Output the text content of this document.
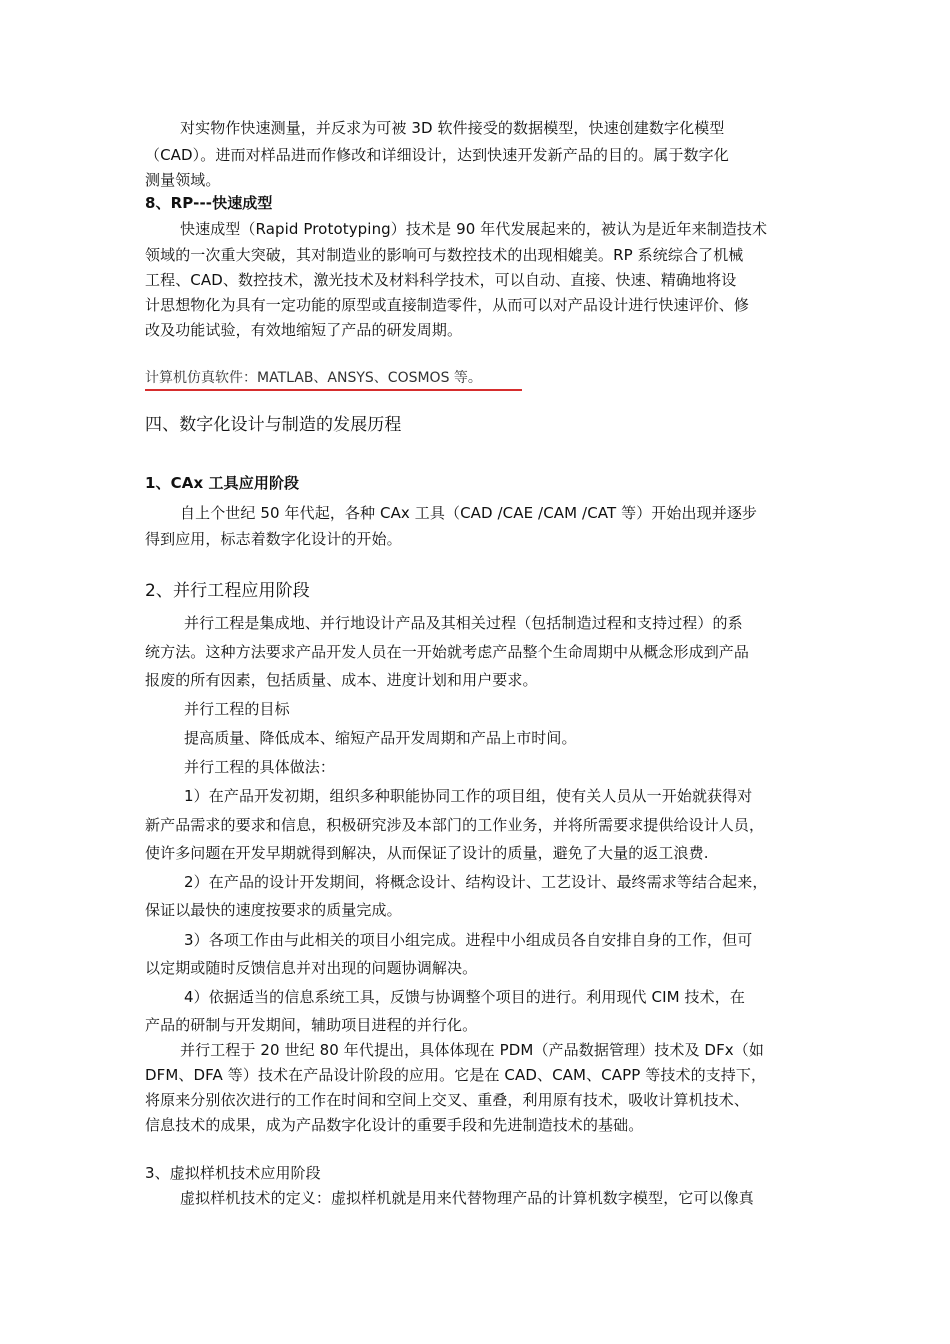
对实物作快速测量，并反求为可被 3D 软件接受的数据模型，快速创建数字化模型
（CAD）。进而对样品进而作修改和详细设计，达到快速开发新产品的目的。属于数字化
测量领域。
8、RP---快速成型
快速成型（Rapid Prototyping）技术是 90 年代发展起来的，被认为是近年来制造技术
领域的一次重大突破，其对制造业的影响可与数控技术的出现相媲美。RP 系统综合了机械
工程、CAD、数控技术，激光技术及材料科学技术，可以自动、直接、快速、精确地将设
计思想物化为具有一定功能的原型或直接制造零件，从而可以对产品设计进行快速评价、修
改及功能试验，有效地缩短了产品的研发周期。
计算机仿真软件：MATLAB、ANSYS、COSMOS 等。
四、数字化设计与制造的发展历程
1、CAx 工具应用阶段
自上个世纪 50 年代起，各种 CAx 工具（CAD /CAE /CAM /CAT 等）开始出现并逐步
得到应用，标志着数字化设计的开始。
2、并行工程应用阶段
并行工程是集成地、并行地设计产品及其相关过程（包括制造过程和支持过程）的系
统方法。这种方法要求产品开发人员在一开始就考虑产品整个生命周期中从概念形成到产品
报废的所有因素，包括质量、成本、进度计划和用户要求。
并行工程的目标
提高质量、降低成本、缩短产品开发周期和产品上市时间。
并行工程的具体做法：
1）在产品开发初期，组织多种职能协同工作的项目组，使有关人员从一开始就获得对
新产品需求的要求和信息，积极研究涉及本部门的工作业务，并将所需要求提供给设计人员，
使许多问题在开发早期就得到解决，从而保证了设计的质量，避免了大量的返工浪费.
2）在产品的设计开发期间，将概念设计、结构设计、工艺设计、最终需求等结合起来，
保证以最快的速度按要求的质量完成。
3）各项工作由与此相关的项目小组完成。进程中小组成员各自安排自身的工作，但可
以定期或随时反馈信息并对出现的问题协调解决。
4）依据适当的信息系统工具，反馈与协调整个项目的进行。利用现代 CIM 技术，在
产品的研制与开发期间，辅助项目进程的并行化。
并行工程于 20 世纪 80 年代提出，具体体现在 PDM（产品数据管理）技术及 DFx（如
DFM、DFA 等）技术在产品设计阶段的应用。它是在 CAD、CAM、CAPP 等技术的支持下，
将原来分别依次进行的工作在时间和空间上交叉、重叠，利用原有技术，吸收计算机技术、
信息技术的成果，成为产品数字化设计的重要手段和先进制造技术的基础。
3、虚拟样机技术应用阶段
虚拟样机技术的定义：虚拟样机就是用来代替物理产品的计算机数字模型，它可以像真
